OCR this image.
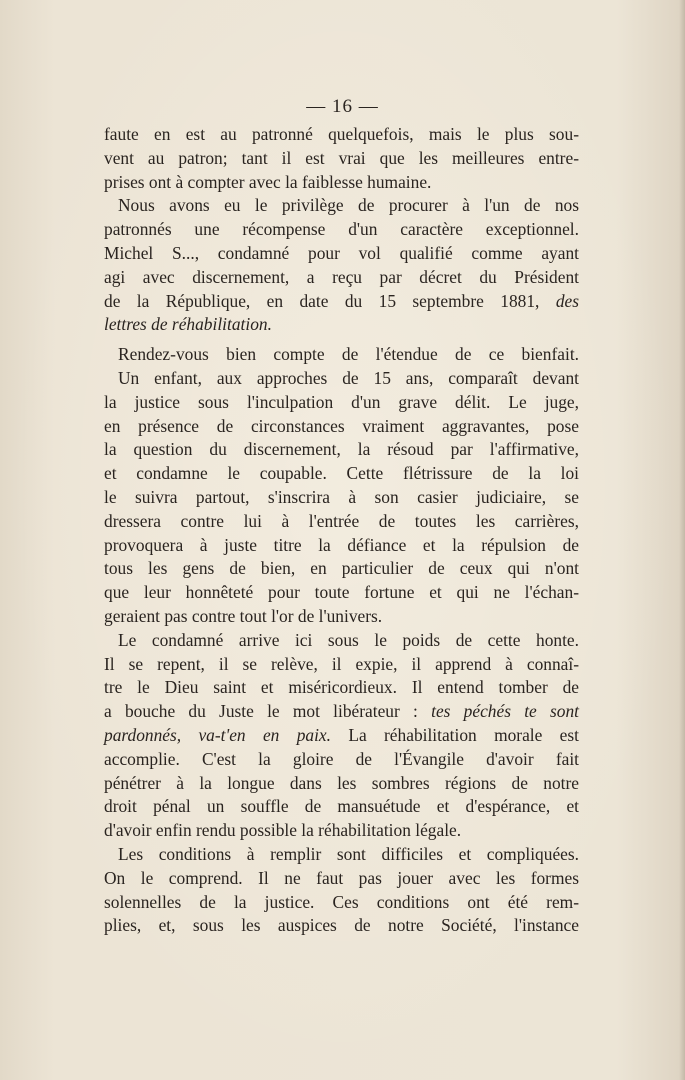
— 16 —
faute en est au patronné quelquefois, mais le plus sou-
vent au patron; tant il est vrai que les meilleures entre-
prises ont à compter avec la faiblesse humaine.
Nous avons eu le privilège de procurer à l'un de nos
patronnés une récompense d'un caractère exceptionnel.
Michel S..., condamné pour vol qualifié comme ayant
agi avec discernement, a reçu par décret du Président
de la République, en date du 15 septembre 1881, des
lettres de réhabilitation.
Rendez-vous bien compte de l'étendue de ce bienfait.
Un enfant, aux approches de 15 ans, comparaît devant
la justice sous l'inculpation d'un grave délit. Le juge,
en présence de circonstances vraiment aggravantes, pose
la question du discernement, la résoud par l'affirmative,
et condamne le coupable. Cette flétrissure de la loi
le suivra partout, s'inscrira à son casier judiciaire, se
dressera contre lui à l'entrée de toutes les carrières,
provoquera à juste titre la défiance et la répulsion de
tous les gens de bien, en particulier de ceux qui n'ont
que leur honnêteté pour toute fortune et qui ne l'échan-
geraient pas contre tout l'or de l'univers.
Le condamné arrive ici sous le poids de cette honte.
Il se repent, il se relève, il expie, il apprend à connaî-
tre le Dieu saint et miséricordieux. Il entend tomber de
a bouche du Juste le mot libérateur : tes péchés te sont
pardonnés, va-t'en en paix. La réhabilitation morale est
accomplie. C'est la gloire de l'Évangile d'avoir fait
pénétrer à la longue dans les sombres régions de notre
droit pénal un souffle de mansuétude et d'espérance, et
d'avoir enfin rendu possible la réhabilitation légale.
Les conditions à remplir sont difficiles et compliquées.
On le comprend. Il ne faut pas jouer avec les formes
solennelles de la justice. Ces conditions ont été rem-
plies, et, sous les auspices de notre Société, l'instance
